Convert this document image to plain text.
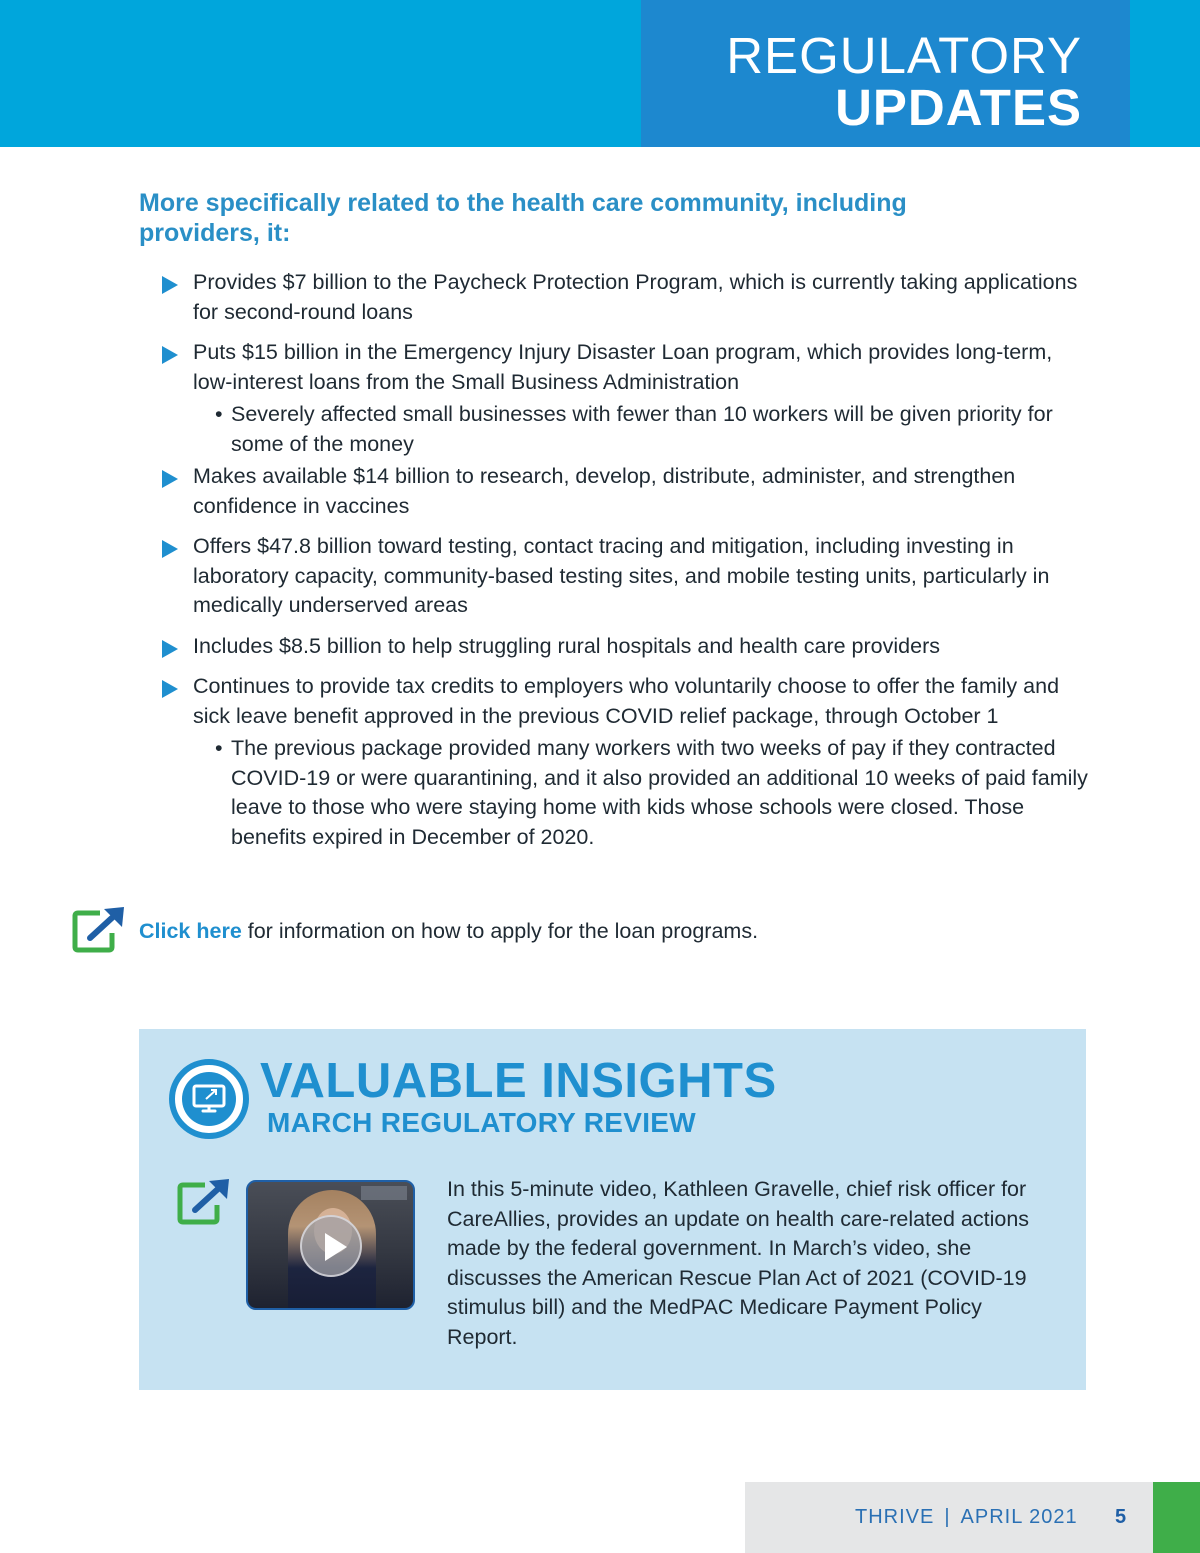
REGULATORY
UPDATES
More specifically related to the health care community, including providers, it:
Provides $7 billion to the Paycheck Protection Program, which is currently taking applications for second-round loans
Puts $15 billion in the Emergency Injury Disaster Loan program, which provides long-term, low-interest loans from the Small Business Administration
• Severely affected small businesses with fewer than 10 workers will be given priority for some of the money
Makes available $14 billion to research, develop, distribute, administer, and strengthen confidence in vaccines
Offers $47.8 billion toward testing, contact tracing and mitigation, including investing in laboratory capacity, community-based testing sites, and mobile testing units, particularly in medically underserved areas
Includes $8.5 billion to help struggling rural hospitals and health care providers
Continues to provide tax credits to employers who voluntarily choose to offer the family and sick leave benefit approved in the previous COVID relief package, through October 1
• The previous package provided many workers with two weeks of pay if they contracted COVID-19 or were quarantining, and it also provided an additional 10 weeks of paid family leave to those who were staying home with kids whose schools were closed. Those benefits expired in December of 2020.
Click here for information on how to apply for the loan programs.
VALUABLE INSIGHTS
MARCH REGULATORY REVIEW
In this 5-minute video, Kathleen Gravelle, chief risk officer for CareAllies, provides an update on health care-related actions made by the federal government. In March’s video, she discusses the American Rescue Plan Act of 2021 (COVID-19 stimulus bill) and the MedPAC Medicare Payment Policy Report.
THRIVE | APRIL 2021 5
